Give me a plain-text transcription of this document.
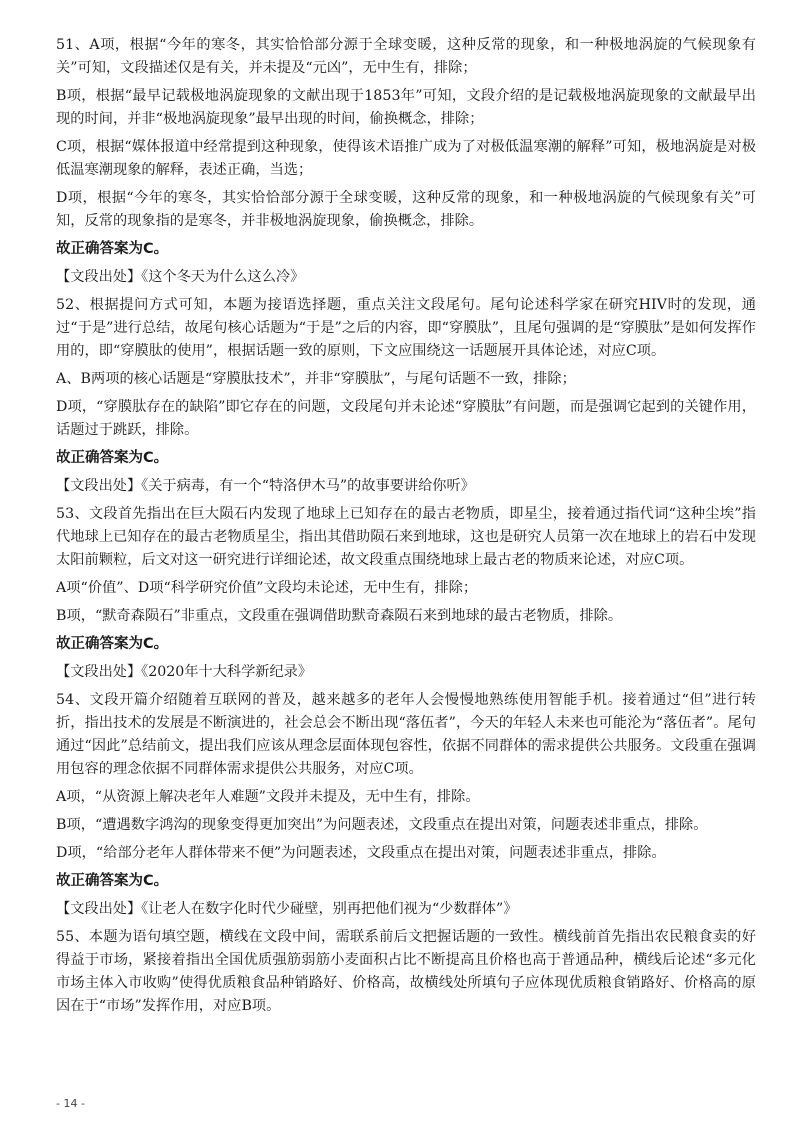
51、A项，根据“今年的寒冬，其实恰恰部分源于全球变暖，这种反常的现象，和一种极地涡旋的气候现象有关”可知，文段描述仅是有关，并未提及“元凶”，无中生有，排除；

B项，根据“最早记载极地涡旋现象的文献出现于1853年”可知，文段介绍的是记载极地涡旋现象的文献最早出现的时间，并非“极地涡旋现象”最早出现的时间，偷换概念，排除；

C项，根据“媒体报道中经常提到这种现象，使得该术语推广成为了对极低温寒潮的解释”可知，极地涡旋是对极低温寒潮现象的解释，表述正确，当选；

D项，根据“今年的寒冬，其实恰恰部分源于全球变暖，这种反常的现象，和一种极地涡旋的气候现象有关”可知，反常的现象指的是寒冬，并非极地涡旋现象，偷换概念，排除。

故正确答案为C。

【文段出处】《这个冬天为什么这么冷》

52、根据提问方式可知，本题为接语选择题，重点关注文段尾句。尾句论述科学家在研究HIV时的发现，通过“于是”进行总结，故尾句核心话题为“于是”之后的内容，即“穿膜肽”，且尾句强调的是“穿膜肽”是如何发挥作用的，即“穿膜肽的使用”，根据话题一致的原则，下文应围绕这一话题展开具体论述，对应C项。

A、B两项的核心话题是“穿膜肽技术”，并非“穿膜肽”，与尾句话题不一致，排除；

D项，“穿膜肽存在的缺陷”即它存在的问题，文段尾句并未论述“穿膜肽”有问题，而是强调它起到的关键作用，话题过于跳跃，排除。

故正确答案为C。

【文段出处】《关于病毒，有一个“特洛伊木马”的故事要讲给你听》

53、文段首先指出在巨大陨石内发现了地球上已知存在的最古老物质，即星尘，接着通过指代词“这种尘埃”指代地球上已知存在的最古老物质星尘，指出其借助陨石来到地球，这也是研究人员第一次在地球上的岩石中发现太阳前颗粒，后文对这一研究进行详细论述，故文段重点围绕地球上最古老的物质来论述，对应C项。

A项“价值”、D项“科学研究价值”文段均未论述，无中生有，排除；

B项，“默奇森陨石”非重点，文段重在强调借助默奇森陨石来到地球的最古老物质，排除。

故正确答案为C。

【文段出处】《2020年十大科学新纪录》

54、文段开篇介绍随着互联网的普及，越来越多的老年人会慢慢地熟练使用智能手机。接着通过“但”进行转折，指出技术的发展是不断演进的，社会总会不断出现“落伍者”，今天的年轻人未来也可能沦为“落伍者”。尾句通过“因此”总结前文，提出我们应该从理念层面体现包容性，依据不同群体的需求提供公共服务。文段重在强调用包容的理念依据不同群体需求提供公共服务，对应C项。

A项，“从资源上解决老年人难题”文段并未提及，无中生有，排除。

B项，“遭遇数字鸿沟的现象变得更加突出”为问题表述，文段重点在提出对策，问题表述非重点，排除。

D项，“给部分老年人群体带来不便”为问题表述，文段重点在提出对策，问题表述非重点，排除。

故正确答案为C。

【文段出处】《让老人在数字化时代少碰壁，别再把他们视为“少数群体”》

55、本题为语句填空题，横线在文段中间，需联系前后文把握话题的一致性。横线前首先指出农民粮食卖的好得益于市场，紧接着指出全国优质强筋弱筋小麦面积占比不断提高且价格也高于普通品种，横线后论述“多元化市场主体入市收购”使得优质粮食品种销路好、价格高，故横线处所填句子应体现优质粮食销路好、价格高的原因在于“市场”发挥作用，对应B项。

- 14 -
